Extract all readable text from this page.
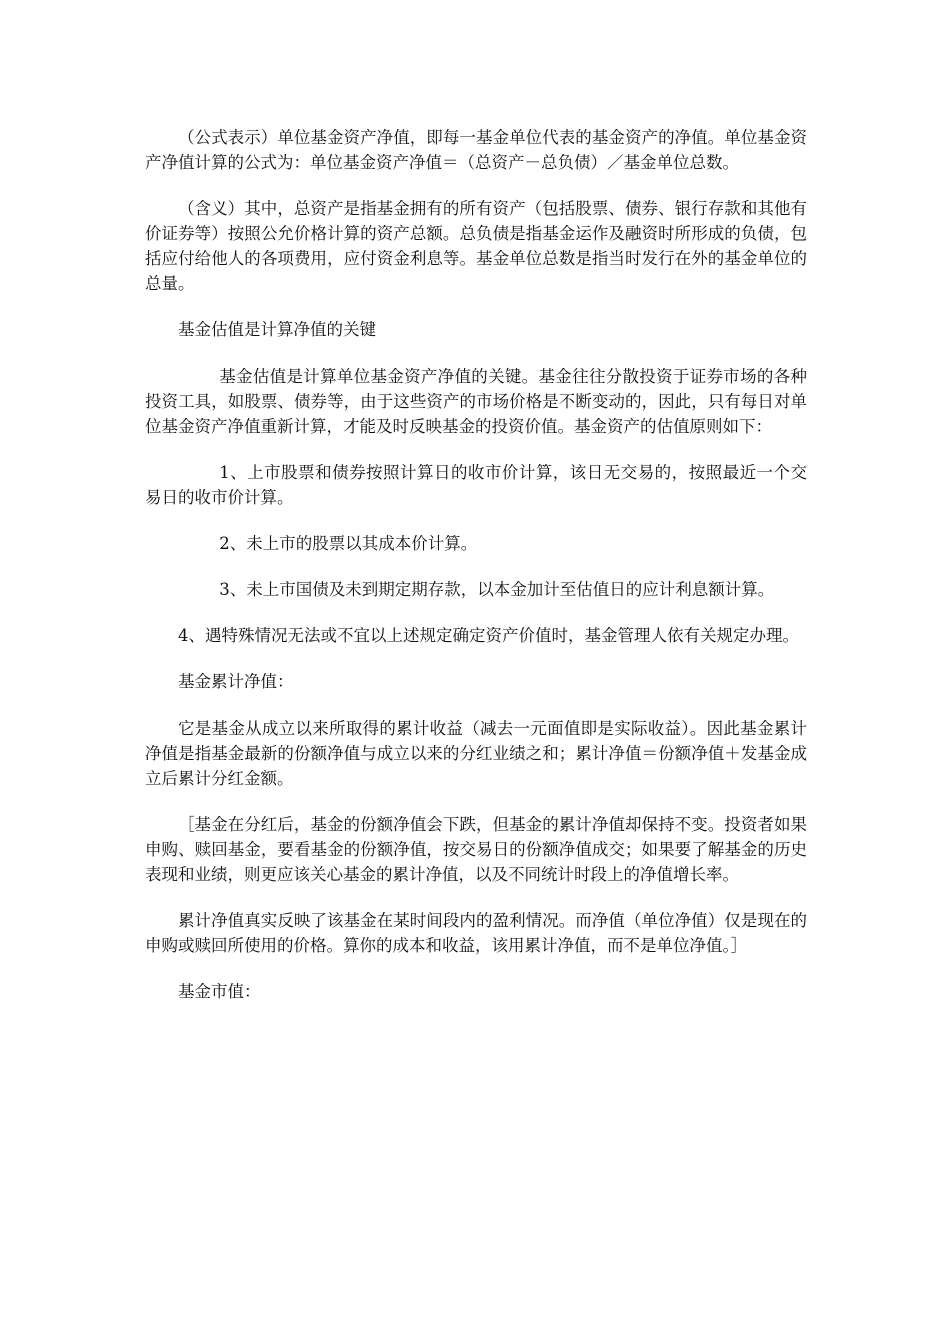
（公式表示）单位基金资产净值，即每一基金单位代表的基金资产的净值。单位基金资产净值计算的公式为：单位基金资产净值＝（总资产－总负债）／基金单位总数。

（含义）其中，总资产是指基金拥有的所有资产（包括股票、债券、银行存款和其他有价证券等）按照公允价格计算的资产总额。总负债是指基金运作及融资时所形成的负债，包括应付给他人的各项费用，应付资金利息等。基金单位总数是指当时发行在外的基金单位的总量。

基金估值是计算净值的关键

基金估值是计算单位基金资产净值的关键。基金往往分散投资于证券市场的各种投资工具，如股票、债券等，由于这些资产的市场价格是不断变动的，因此，只有每日对单位基金资产净值重新计算，才能及时反映基金的投资价值。基金资产的估值原则如下：

1、上市股票和债券按照计算日的收市价计算，该日无交易的，按照最近一个交易日的收市价计算。

2、未上市的股票以其成本价计算。

3、未上市国债及未到期定期存款，以本金加计至估值日的应计利息额计算。

4、遇特殊情况无法或不宜以上述规定确定资产价值时，基金管理人依有关规定办理。

基金累计净值：

它是基金从成立以来所取得的累计收益（减去一元面值即是实际收益）。因此基金累计净值是指基金最新的份额净值与成立以来的分红业绩之和；累计净值＝份额净值＋发基金成立后累计分红金额。

［基金在分红后，基金的份额净值会下跌，但基金的累计净值却保持不变。投资者如果申购、赎回基金，要看基金的份额净值，按交易日的份额净值成交；如果要了解基金的历史表现和业绩，则更应该关心基金的累计净值，以及不同统计时段上的净值增长率。

累计净值真实反映了该基金在某时间段内的盈利情况。而净值（单位净值）仅是现在的申购或赎回所使用的价格。算你的成本和收益，该用累计净值，而不是单位净值。］

基金市值：
